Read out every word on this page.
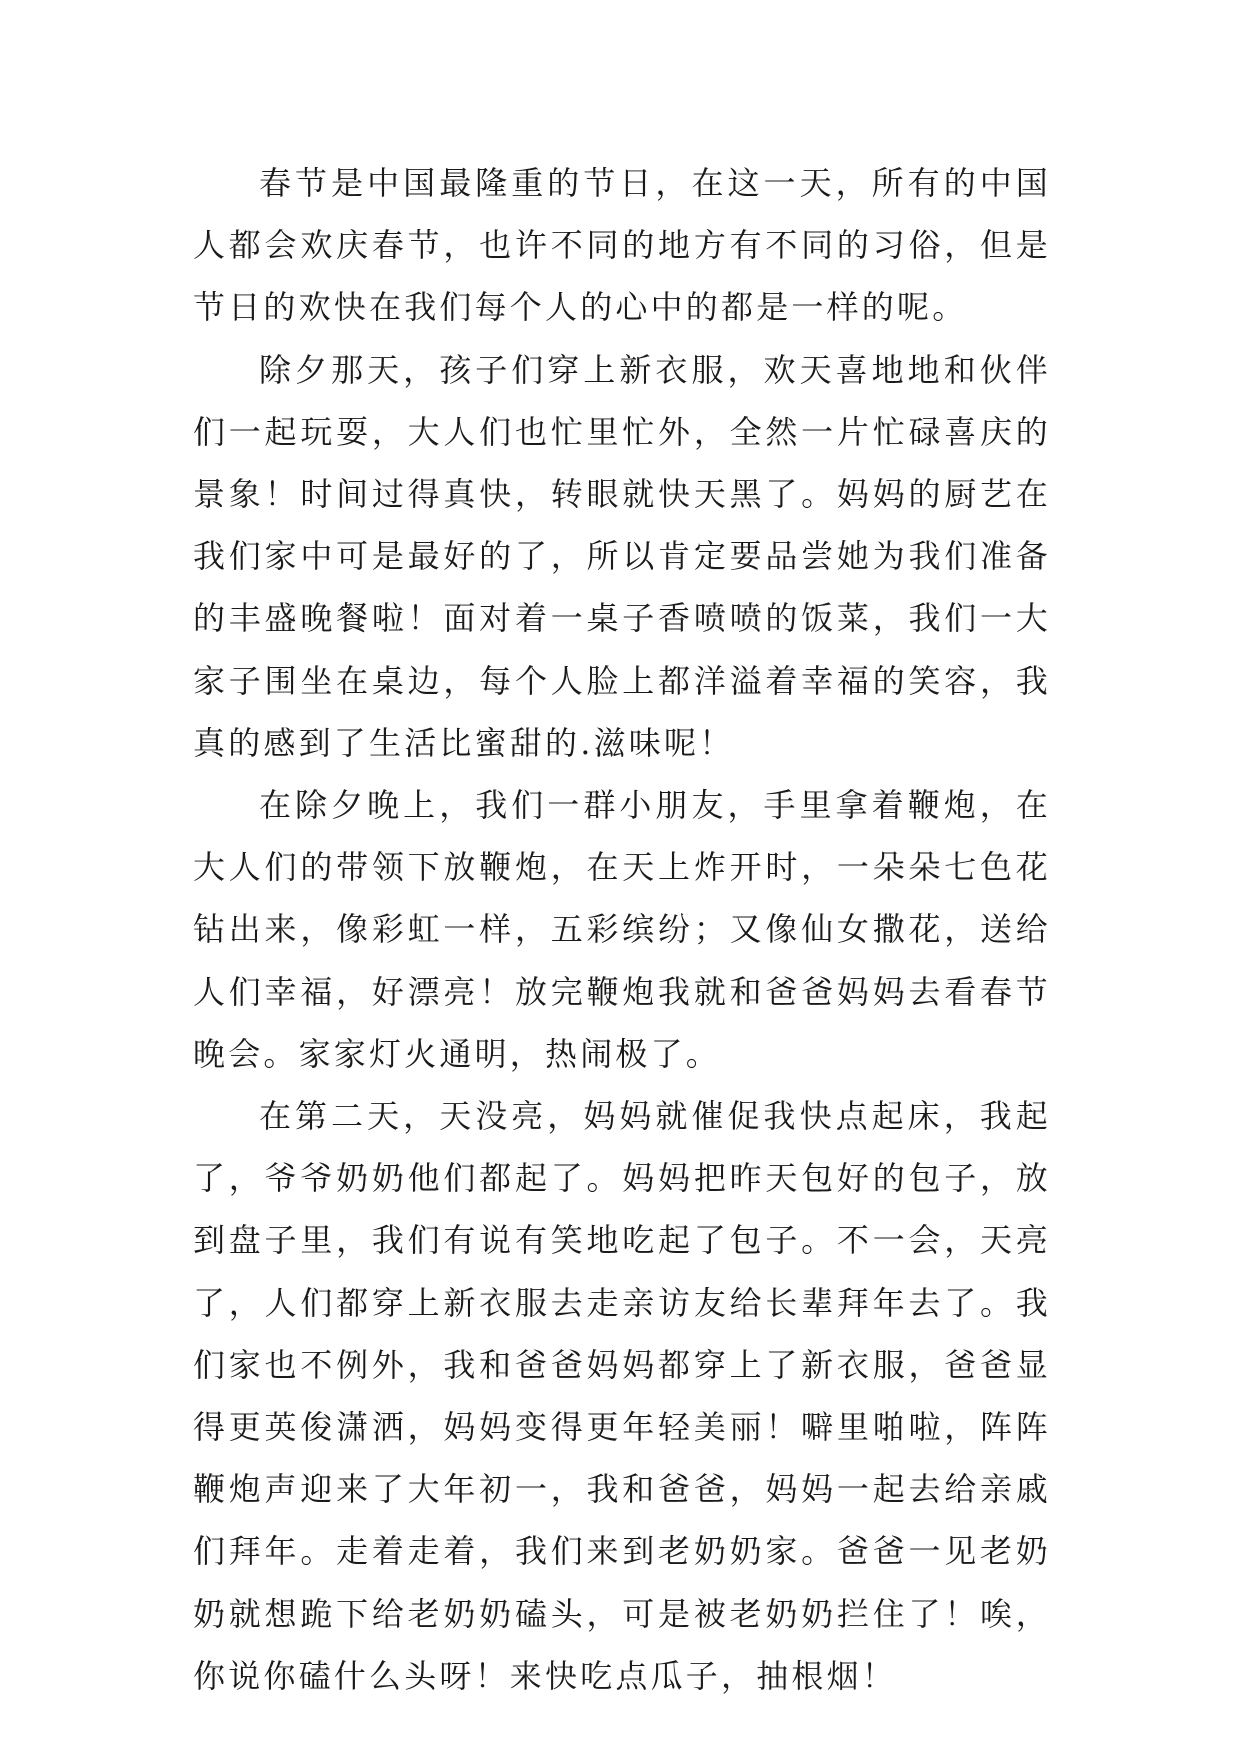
春节是中国最隆重的节日，在这一天，所有的中国人都会欢庆春节，也许不同的地方有不同的习俗，但是节日的欢快在我们每个人的心中的都是一样的呢。

除夕那天，孩子们穿上新衣服，欢天喜地地和伙伴们一起玩耍，大人们也忙里忙外，全然一片忙碌喜庆的景象！时间过得真快，转眼就快天黑了。妈妈的厨艺在我们家中可是最好的了，所以肯定要品尝她为我们准备的丰盛晚餐啦！面对着一桌子香喷喷的饭菜，我们一大家子围坐在桌边，每个人脸上都洋溢着幸福的笑容，我真的感到了生活比蜜甜的.滋味呢！

在除夕晚上，我们一群小朋友，手里拿着鞭炮，在大人们的带领下放鞭炮，在天上炸开时，一朵朵七色花钻出来，像彩虹一样，五彩缤纷；又像仙女撒花，送给人们幸福，好漂亮！放完鞭炮我就和爸爸妈妈去看春节晚会。家家灯火通明，热闹极了。

在第二天，天没亮，妈妈就催促我快点起床，我起了，爷爷奶奶他们都起了。妈妈把昨天包好的包子，放到盘子里，我们有说有笑地吃起了包子。不一会，天亮了，人们都穿上新衣服去走亲访友给长辈拜年去了。我们家也不例外，我和爸爸妈妈都穿上了新衣服，爸爸显得更英俊潇洒，妈妈变得更年轻美丽！噼里啪啦，阵阵鞭炮声迎来了大年初一，我和爸爸，妈妈一起去给亲戚们拜年。走着走着，我们来到老奶奶家。爸爸一见老奶奶就想跪下给老奶奶磕头，可是被老奶奶拦住了！唉，你说你磕什么头呀！来快吃点瓜子，抽根烟！
